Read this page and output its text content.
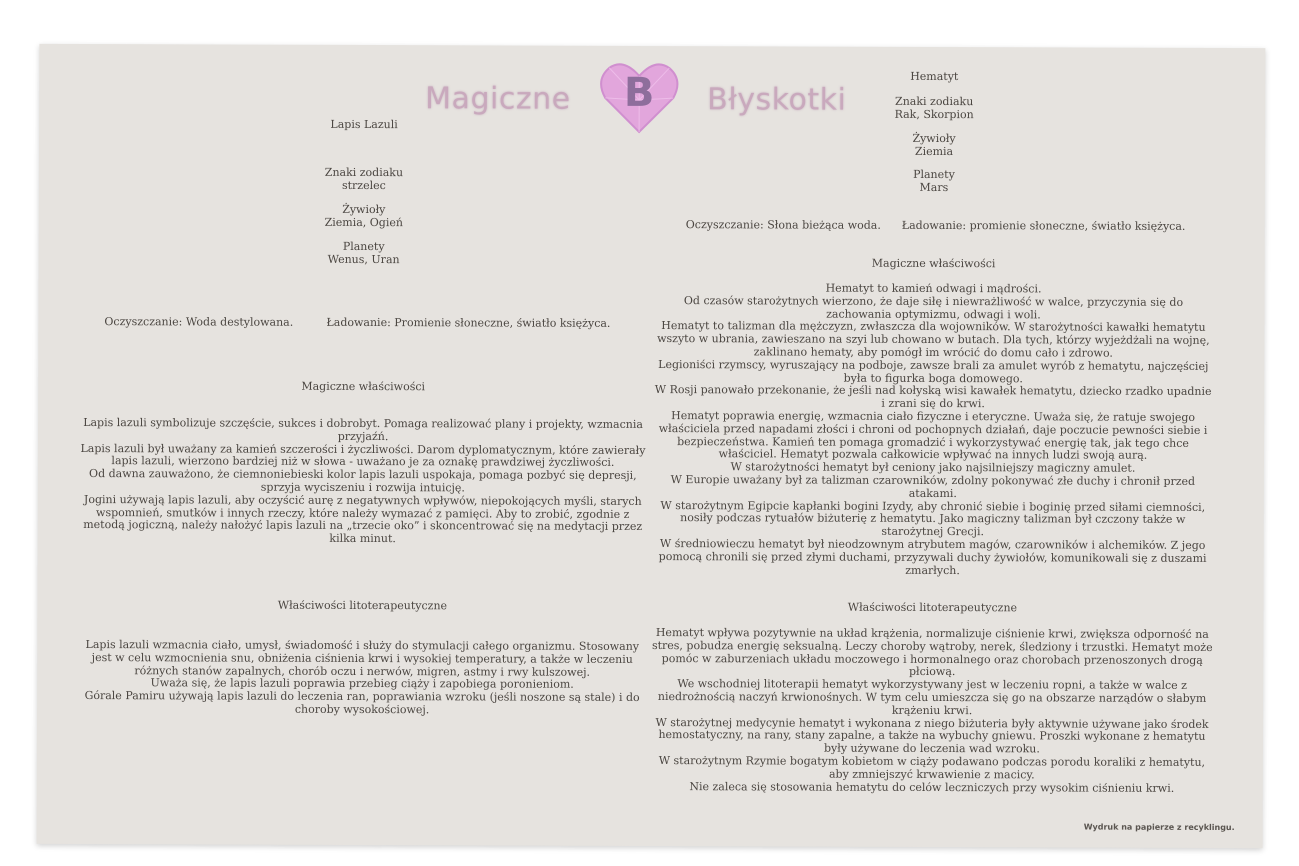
Magiczne	B	Błyskotki
Lapis Lazuli
Znaki zodiaku
strzelec
Żywioły
Ziemia, Ogień
Planety
Wenus, Uran
Oczyszczanie: Woda destylowana.	Ładowanie: Promienie słoneczne, światło księżyca.
Magiczne właściwości
Lapis lazuli symbolizuje szczęście, sukces i dobrobyt. Pomaga realizować plany i projekty, wzmacnia
przyjaźń.
Lapis lazuli był uważany za kamień szczerości i życzliwości. Darom dyplomatycznym, które zawierały
lapis lazuli, wierzono bardziej niż w słowa - uważano je za oznakę prawdziwej życzliwości.
Od dawna zauważono, że ciemnoniebieski kolor lapis lazuli uspokaja, pomaga pozbyć się depresji,
sprzyja wyciszeniu i rozwija intuicję.
Jogini używają lapis lazuli, aby oczyścić aurę z negatywnych wpływów, niepokojących myśli, starych
wspomnień, smutków i innych rzeczy, które należy wymazać z pamięci. Aby to zrobić, zgodnie z
metodą jogiczną, należy nałożyć lapis lazuli na „trzecie oko” i skoncentrować się na medytacji przez
kilka minut.
Właściwości litoterapeutyczne
Lapis lazuli wzmacnia ciało, umysł, świadomość i służy do stymulacji całego organizmu. Stosowany
jest w celu wzmocnienia snu, obniżenia ciśnienia krwi i wysokiej temperatury, a także w leczeniu
różnych stanów zapalnych, chorób oczu i nerwów, migren, astmy i rwy kulszowej.
Uważa się, że lapis lazuli poprawia przebieg ciąży i zapobiega poronieniom.
Górale Pamiru używają lapis lazuli do leczenia ran, poprawiania wzroku (jeśli noszone są stale) i do
choroby wysokościowej.
Hematyt
Znaki zodiaku
Rak, Skorpion
Żywioły
Ziemia
Planety
Mars
Oczyszczanie: Słona bieżąca woda. Ładowanie: promienie słoneczne, światło księżyca.
Magiczne właściwości
Hematyt to kamień odwagi i mądrości.
Od czasów starożytnych wierzono, że daje siłę i niewrażliwość w walce, przyczynia się do
zachowania optymizmu, odwagi i woli.
Hematyt to talizman dla mężczyzn, zwłaszcza dla wojowników. W starożytności kawałki hematytu
wszyto w ubrania, zawieszano na szyi lub chowano w butach. Dla tych, którzy wyjeżdżali na wojnę,
zaklinano hematy, aby pomógł im wrócić do domu cało i zdrowo.
Legioniści rzymscy, wyruszający na podboje, zawsze brali za amulet wyrób z hematytu, najczęściej
była to figurka boga domowego.
W Rosji panowało przekonanie, że jeśli nad kołyską wisi kawałek hematytu, dziecko rzadko upadnie
i zrani się do krwi.
Hematyt poprawia energię, wzmacnia ciało fizyczne i eteryczne. Uważa się, że ratuje swojego
właściciela przed napadami złości i chroni od pochopnych działań, daje poczucie pewności siebie i
bezpieczeństwa. Kamień ten pomaga gromadzić i wykorzystywać energię tak, jak tego chce
właściciel. Hematyt pozwala całkowicie wpływać na innych ludzi swoją aurą.
W starożytności hematyt był ceniony jako najsilniejszy magiczny amulet.
W Europie uważany był za talizman czarowników, zdolny pokonywać złe duchy i chronił przed
atakami.
W starożytnym Egipcie kapłanki bogini Izydy, aby chronić siebie i boginię przed siłami ciemności,
nosiły podczas rytuałów biżuterię z hematytu. Jako magiczny talizman był czczony także w
starożytnej Grecji.
W średniowieczu hematyt był nieodzownym atrybutem magów, czarowników i alchemików. Z jego
pomocą chronili się przed złymi duchami, przyzywali duchy żywiołów, komunikowali się z duszami
zmarłych.
Właściwości litoterapeutyczne
Hematyt wpływa pozytywnie na układ krążenia, normalizuje ciśnienie krwi, zwiększa odporność na
stres, pobudza energię seksualną. Leczy choroby wątroby, nerek, śledziony i trzustki. Hematyt może
pomóc w zaburzeniach układu moczowego i hormonalnego oraz chorobach przenoszonych drogą
płciową.
We wschodniej litoterapii hematyt wykorzystywany jest w leczeniu ropni, a także w walce z
niedrożnością naczyń krwionośnych. W tym celu umieszcza się go na obszarze narządów o słabym
krążeniu krwi.
W starożytnej medycynie hematyt i wykonana z niego biżuteria były aktywnie używane jako środek
hemostatyczny, na rany, stany zapalne, a także na wybuchy gniewu. Proszki wykonane z hematytu
były używane do leczenia wad wzroku.
W starożytnym Rzymie bogatym kobietom w ciąży podawano podczas porodu koraliki z hematytu,
aby zmniejszyć krwawienie z macicy.
Nie zaleca się stosowania hematytu do celów leczniczych przy wysokim ciśnieniu krwi.
Wydruk na papierze z recyklingu.
